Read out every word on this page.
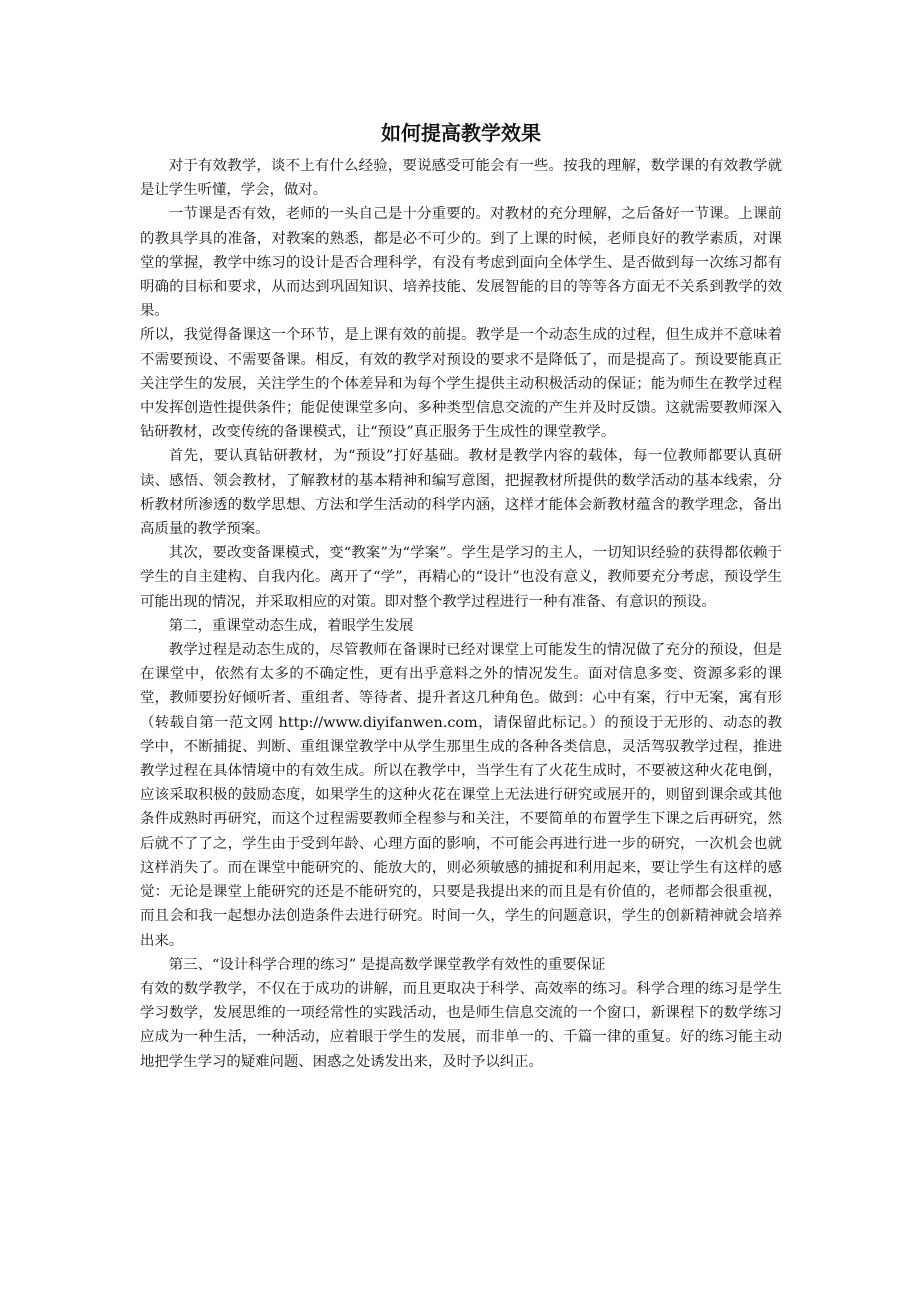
如何提高教学效果

对于有效教学，谈不上有什么经验，要说感受可能会有一些。按我的理解，数学课的有效教学就是让学生听懂，学会，做对。

一节课是否有效，老师的一头自己是十分重要的。对教材的充分理解，之后备好一节课。上课前的教具学具的准备，对教案的熟悉，都是必不可少的。到了上课的时候，老师良好的教学素质，对课堂的掌握，教学中练习的设计是否合理科学，有没有考虑到面向全体学生、是否做到每一次练习都有明确的目标和要求，从而达到巩固知识、培养技能、发展智能的目的等等各方面无不关系到教学的效果。

所以，我觉得备课这一个环节，是上课有效的前提。教学是一个动态生成的过程，但生成并不意味着不需要预设、不需要备课。相反，有效的教学对预设的要求不是降低了，而是提高了。预设要能真正关注学生的发展，关注学生的个体差异和为每个学生提供主动积极活动的保证；能为师生在教学过程中发挥创造性提供条件；能促使课堂多向、多种类型信息交流的产生并及时反馈。这就需要教师深入钻研教材，改变传统的备课模式，让“预设”真正服务于生成性的课堂教学。

首先，要认真钻研教材，为“预设”打好基础。教材是教学内容的载体，每一位教师都要认真研读、感悟、领会教材，了解教材的基本精神和编写意图，把握教材所提供的数学活动的基本线索，分析教材所渗透的数学思想、方法和学生活动的科学内涵，这样才能体会新教材蕴含的教学理念，备出高质量的教学预案。

其次，要改变备课模式，变“教案”为“学案”。学生是学习的主人，一切知识经验的获得都依赖于学生的自主建构、自我内化。离开了“学”，再精心的“设计”也没有意义，教师要充分考虑，预设学生可能出现的情况，并采取相应的对策。即对整个教学过程进行一种有准备、有意识的预设。

第二，重课堂动态生成，着眼学生发展

教学过程是动态生成的，尽管教师在备课时已经对课堂上可能发生的情况做了充分的预设，但是在课堂中，依然有太多的不确定性，更有出乎意料之外的情况发生。面对信息多变、资源多彩的课堂，教师要扮好倾听者、重组者、等待者、提升者这几种角色。做到：心中有案，行中无案，寓有形（转载自第一范文网 http://www.diyifanwen.com，请保留此标记。）的预设于无形的、动态的教学中，不断捕捉、判断、重组课堂教学中从学生那里生成的各种各类信息，灵活驾驭教学过程，推进教学过程在具体情境中的有效生成。所以在教学中，当学生有了火花生成时，不要被这种火花电倒，应该采取积极的鼓励态度，如果学生的这种火花在课堂上无法进行研究或展开的，则留到课余或其他条件成熟时再研究，而这个过程需要教师全程参与和关注，不要简单的布置学生下课之后再研究，然后就不了了之，学生由于受到年龄、心理方面的影响，不可能会再进行进一步的研究，一次机会也就这样消失了。而在课堂中能研究的、能放大的，则必须敏感的捕捉和利用起来，要让学生有这样的感觉：无论是课堂上能研究的还是不能研究的，只要是我提出来的而且是有价值的，老师都会很重视，而且会和我一起想办法创造条件去进行研究。时间一久，学生的问题意识，学生的创新精神就会培养出来。

第三、“设计科学合理的练习” 是提高数学课堂教学有效性的重要保证

有效的数学教学，不仅在于成功的讲解，而且更取决于科学、高效率的练习。科学合理的练习是学生学习数学，发展思维的一项经常性的实践活动，也是师生信息交流的一个窗口，新课程下的数学练习应成为一种生活，一种活动，应着眼于学生的发展，而非单一的、千篇一律的重复。好的练习能主动地把学生学习的疑难问题、困惑之处诱发出来，及时予以纠正。
